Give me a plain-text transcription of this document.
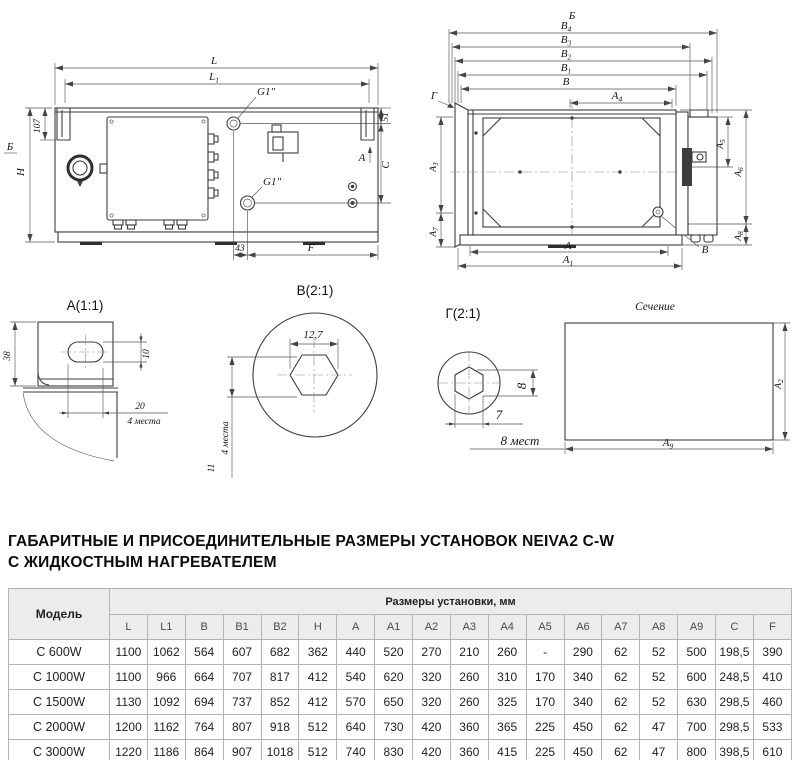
L
$L_1$
H
Б
107
G1"
G1"
А
51
С
43	F
Б
$В_4$
$В_3$
$В_2$
$В_1$
В
$А_4$
Г
В
$А_5$
$А_6$
$А_8$
$А_3$
$А_7$
А
$А_1$
А(1:1)
38	10
20
4 места
В(2:1)
12,7
4 места
11
Г(2:1)
8
7
8 мест
Сечение
$А_2$
$А_9$
ГАБАРИТНЫЕ И ПРИСОЕДИНИТЕЛЬНЫЕ РАЗМЕРЫ УСТАНОВОК NEIVA2 C-W
С ЖИДКОСТНЫМ НАГРЕВАТЕЛЕМ
Модель	Размеры установки, мм																	
	L	L1	B	B1	B2	H	A	A1	A2	A3	A4	A5	A6	A7	A8	A9	C	F
С 600W	1100	1062	564	607	682	362	440	520	270	210	260	-	290	62	52	500	198,5	390
С 1000W	1100	966	664	707	817	412	540	620	320	260	310	170	340	62	52	600	248,5	410
С 1500W	1130	1092	694	737	852	412	570	650	320	260	325	170	340	62	52	630	298,5	460
С 2000W	1200	1162	764	807	918	512	640	730	420	360	365	225	450	62	47	700	298,5	533
С 3000W	1220	1186	864	907	1018	512	740	830	420	360	415	225	450	62	47	800	398,5	610
